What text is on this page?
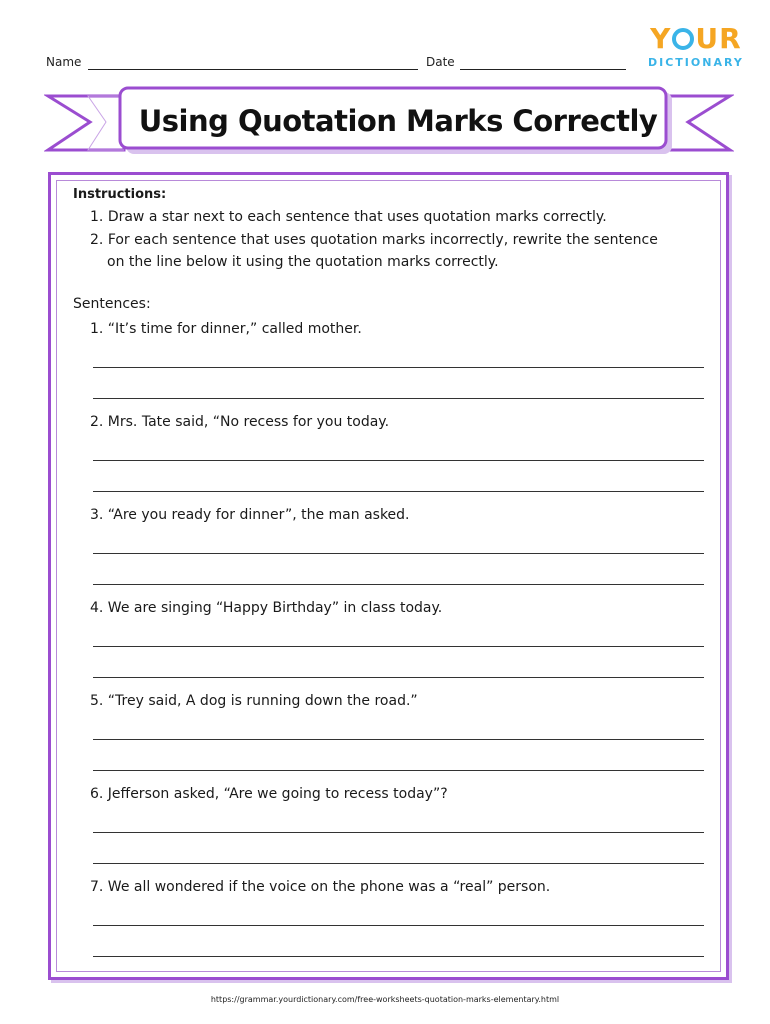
Name	Date
Y UR
DICTIONARY
Using Quotation Marks Correctly
Instructions:
1. Draw a star next to each sentence that uses quotation marks correctly.
2. For each sentence that uses quotation marks incorrectly, rewrite the sentence
on the line below it using the quotation marks correctly.
Sentences:
1. “It’s time for dinner,” called mother.
2. Mrs. Tate said, “No recess for you today.
3. “Are you ready for dinner”, the man asked.
4. We are singing “Happy Birthday” in class today.
5. “Trey said, A dog is running down the road.”
6. Jefferson asked, “Are we going to recess today”?
7. We all wondered if the voice on the phone was a “real” person.
https://grammar.yourdictionary.com/free-worksheets-quotation-marks-elementary.html
